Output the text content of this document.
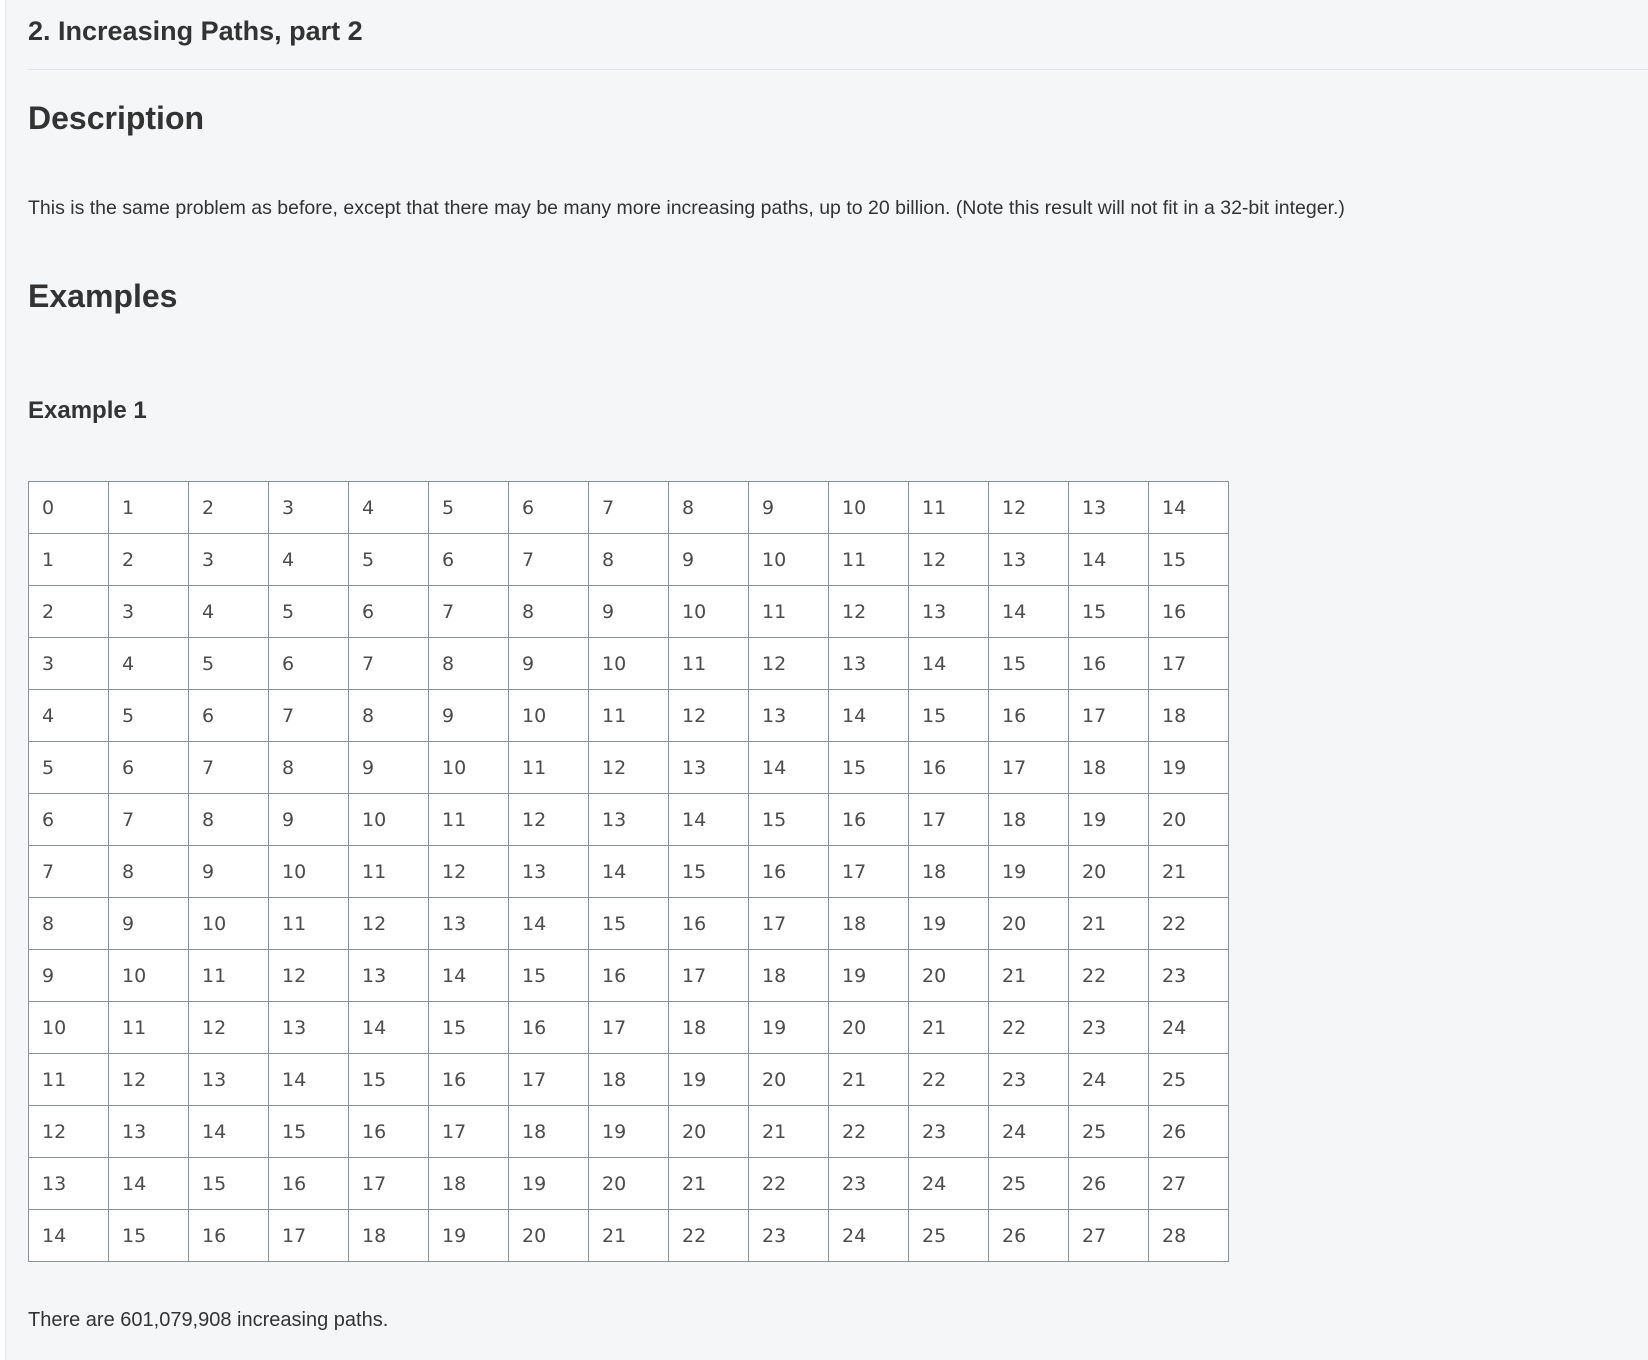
2. Increasing Paths, part 2
Description

This is the same problem as before, except that there may be many more increasing paths, up to 20 billion. (Note this result will not fit in a 32-bit integer.)

Examples
Example 1
0	1	2	3	4	5	6	7	8	9	10	11	12	13	14
1	2	3	4	5	6	7	8	9	10	11	12	13	14	15
2	3	4	5	6	7	8	9	10	11	12	13	14	15	16
3	4	5	6	7	8	9	10	11	12	13	14	15	16	17
4	5	6	7	8	9	10	11	12	13	14	15	16	17	18
5	6	7	8	9	10	11	12	13	14	15	16	17	18	19
6	7	8	9	10	11	12	13	14	15	16	17	18	19	20
7	8	9	10	11	12	13	14	15	16	17	18	19	20	21
8	9	10	11	12	13	14	15	16	17	18	19	20	21	22
9	10	11	12	13	14	15	16	17	18	19	20	21	22	23
10	11	12	13	14	15	16	17	18	19	20	21	22	23	24
11	12	13	14	15	16	17	18	19	20	21	22	23	24	25
12	13	14	15	16	17	18	19	20	21	22	23	24	25	26
13	14	15	16	17	18	19	20	21	22	23	24	25	26	27
14	15	16	17	18	19	20	21	22	23	24	25	26	27	28

There are 601,079,908 increasing paths.
